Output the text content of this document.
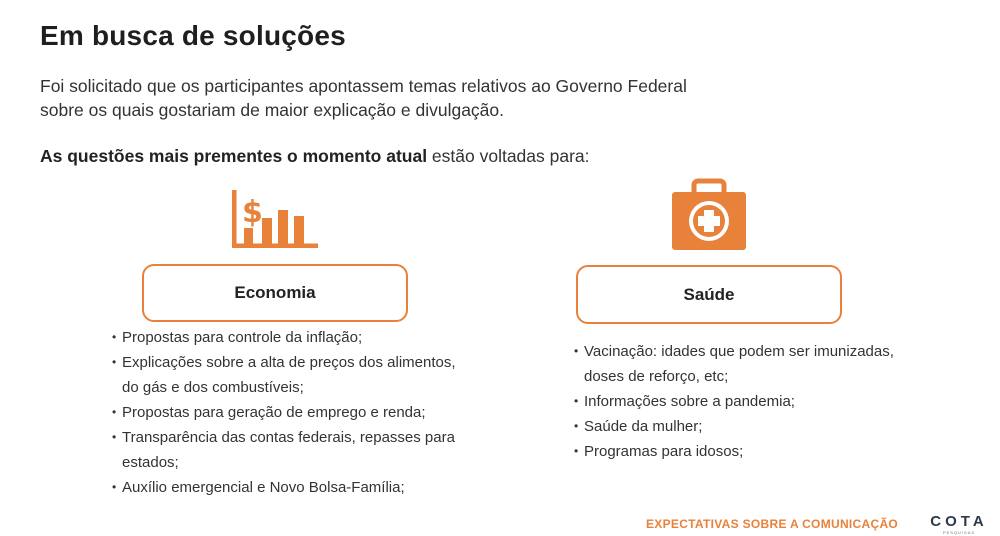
Em busca de soluções
Foi solicitado que os participantes apontassem temas relativos ao Governo Federal sobre os quais gostariam de maior explicação e divulgação.
As questões mais prementes o momento atual estão voltadas para:
$
Economia	Saúde
• Propostas para controle da inflação;
• Explicações sobre a alta de preços dos alimentos, do gás e dos combustíveis;
• Propostas para geração de emprego e renda;
• Transparência das contas federais, repasses para estados;
• Auxílio emergencial e Novo Bolsa-Família;
• Vacinação: idades que podem ser imunizadas, doses de reforço, etc;
• Informações sobre a pandemia;
• Saúde da mulher;
• Programas para idosos;
EXPECTATIVAS SOBRE A COMUNICAÇÃO COTA
PESQUISAS
